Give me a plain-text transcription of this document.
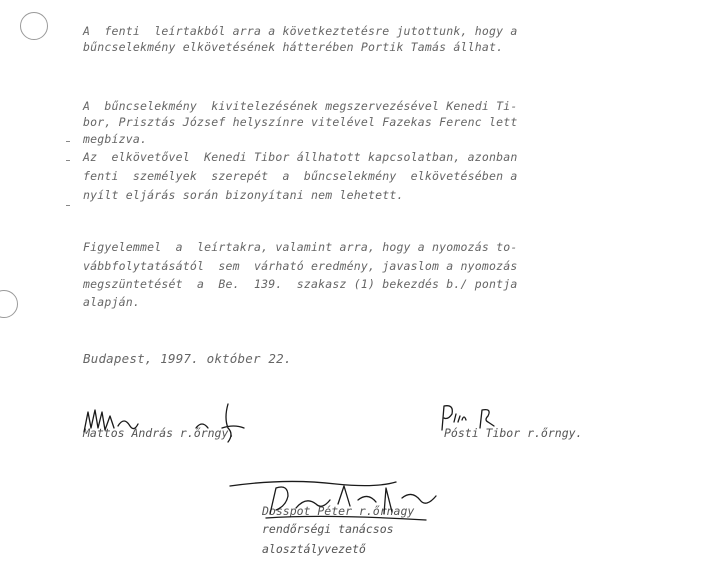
A  fenti  leírtakból arra a következtetésre jutottunk, hogy a

bűncselekmény elkövetésének hátterében Portik Tamás állhat.

A  bűncselekmény  kivitelezésének megszervezésével Kenedi Ti-

bor, Prisztás József helyszínre vitelével Fazekas Ferenc lett

megbízva.

Az  elkövetővel  Kenedi Tibor állhatott kapcsolatban, azonban

fenti  személyek  szerepét  a  bűncselekmény  elkövetésében a

nyílt eljárás során bizonyítani nem lehetett.

Figyelemmel  a  leírtakra, valamint arra, hogy a nyomozás to-

vábbfolytatásától  sem  várható eredmény, javaslom a nyomozás

megszüntetését  a  Be.  139.  szakasz (1) bekezdés b./ pontja

alapján.

Budapest, 1997. október 22.

Mattos András r.őrngy.	Pósti Tibor r.őrngy.
Dosspot Péter r.őrnagy
rendőrségi tanácsos
alosztályvezető
